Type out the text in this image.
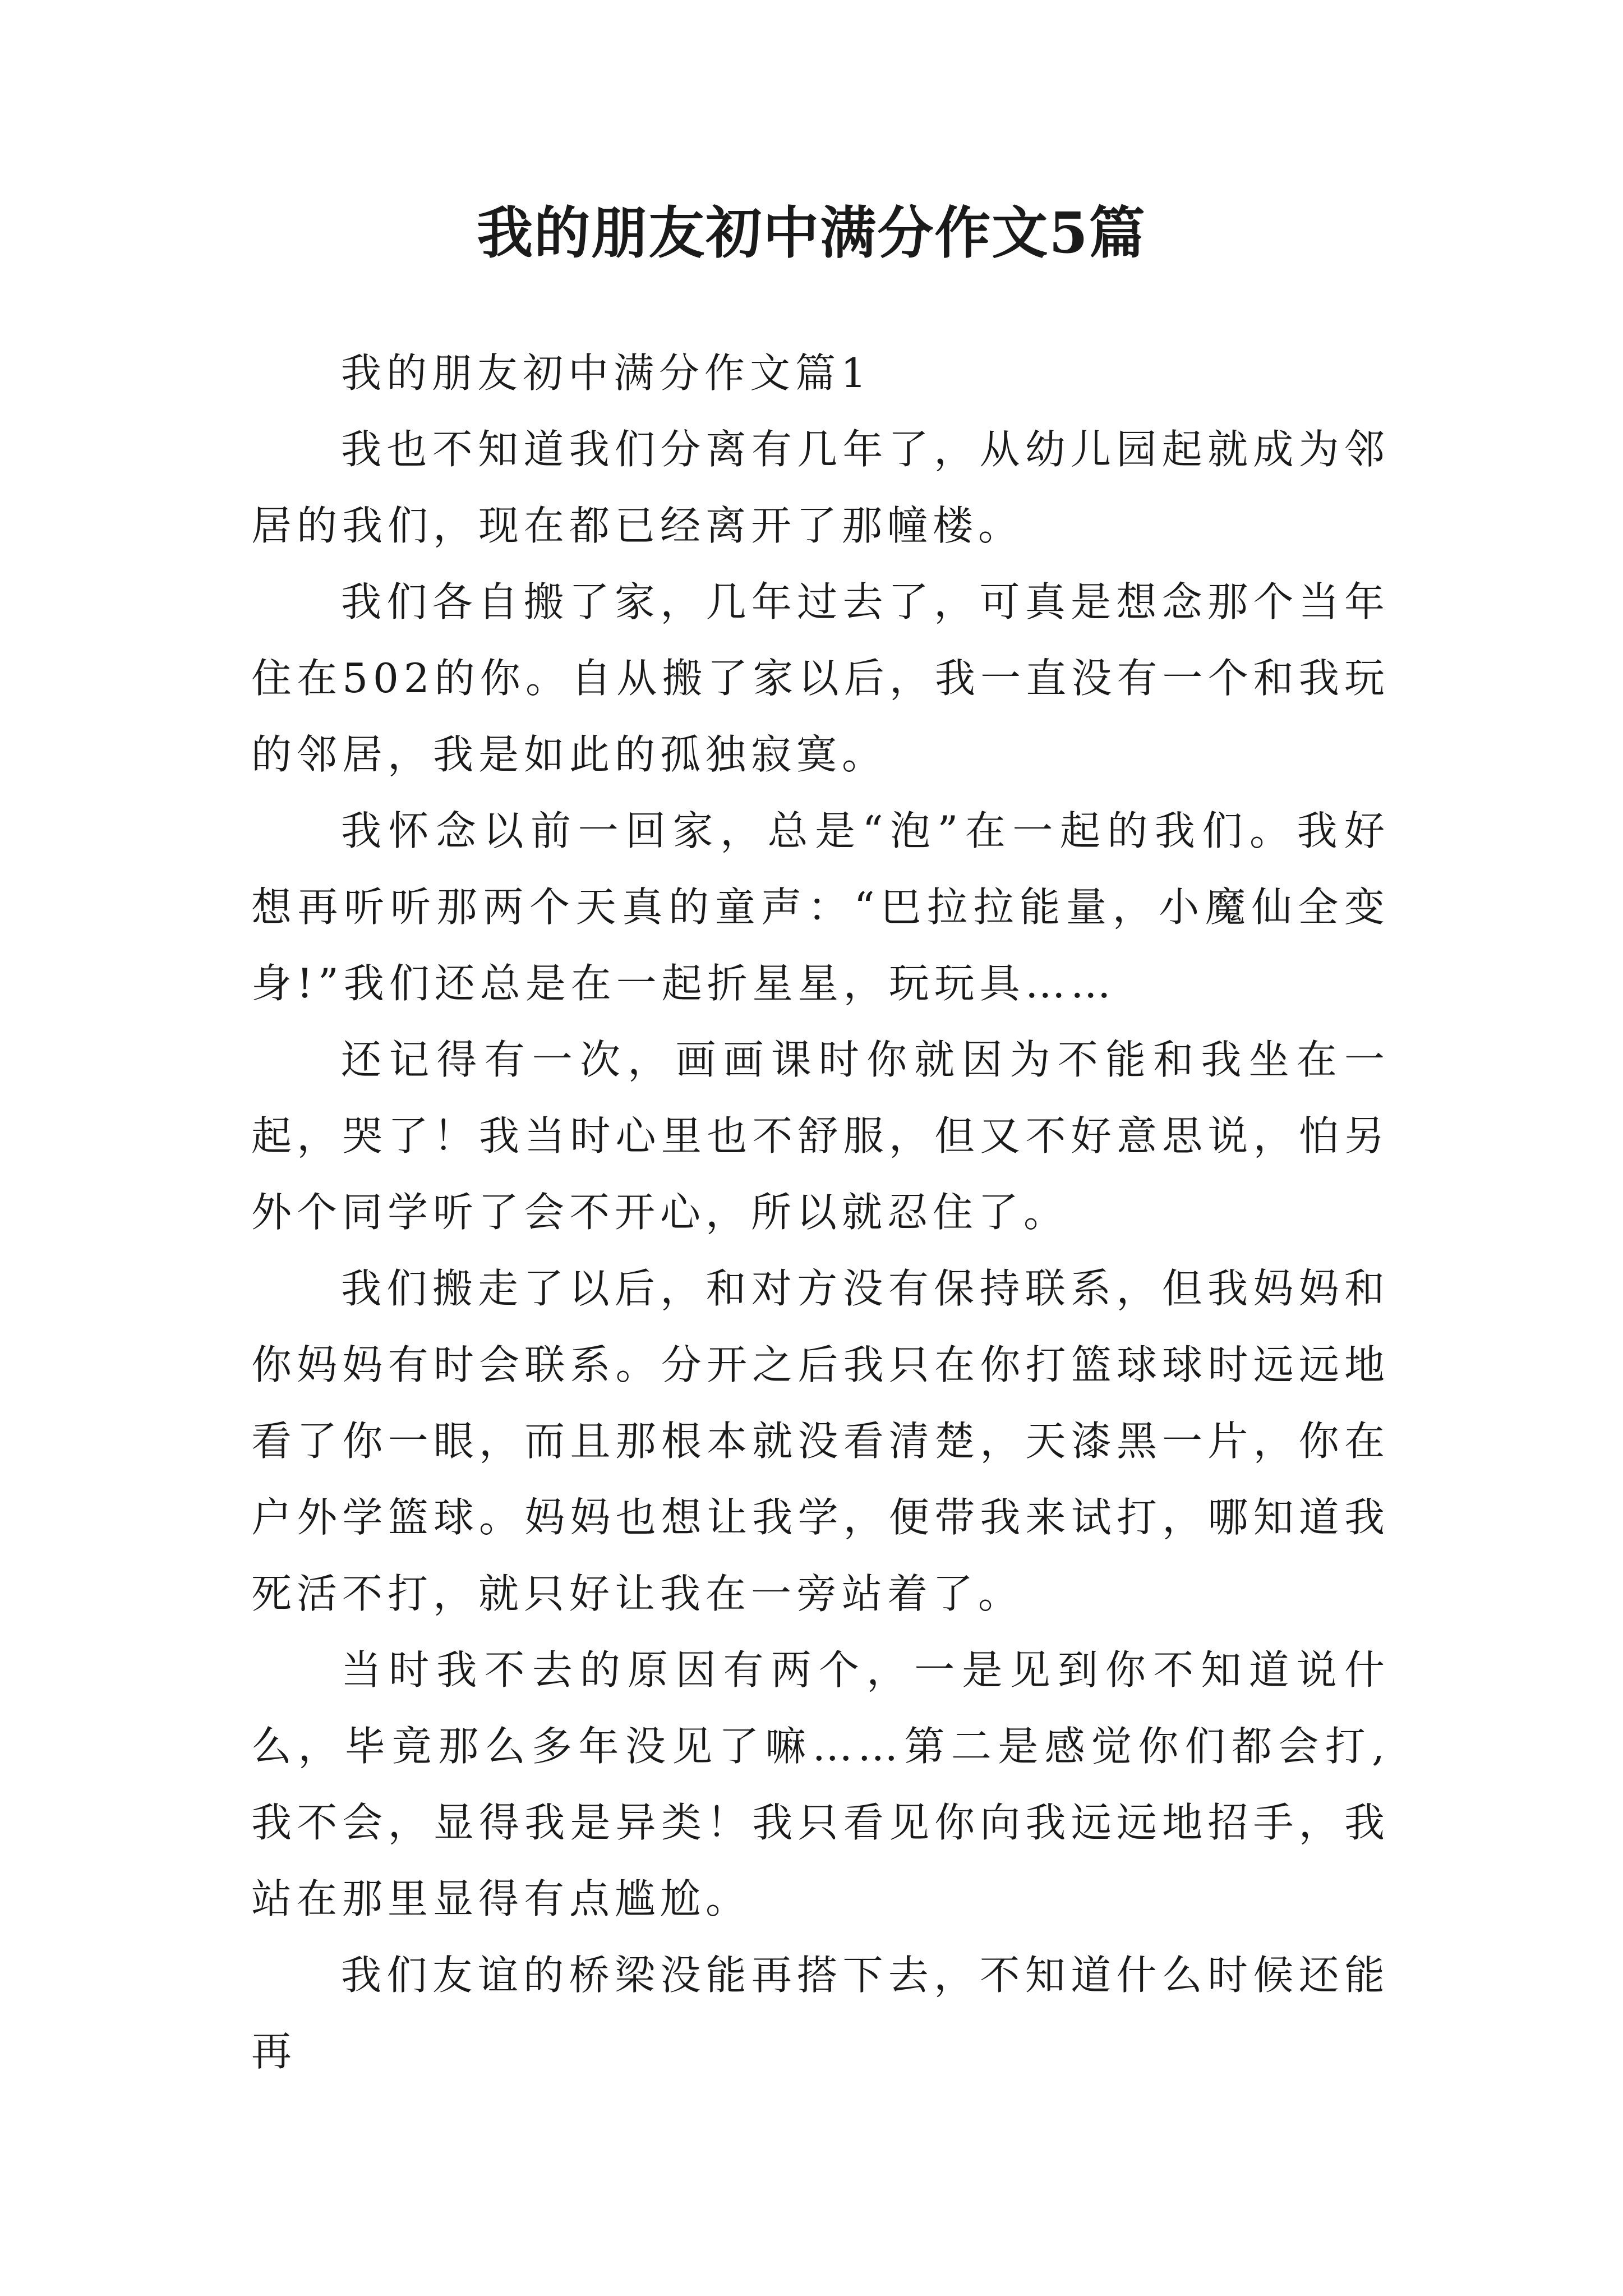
我的朋友初中满分作文5篇

我的朋友初中满分作文篇1

我也不知道我们分离有几年了，从幼儿园起就成为邻居的我们，现在都已经离开了那幢楼。

我们各自搬了家，几年过去了，可真是想念那个当年住在502的你。自从搬了家以后，我一直没有一个和我玩的邻居，我是如此的孤独寂寞。

我怀念以前一回家，总是“泡”在一起的我们。我好想再听听那两个天真的童声：“巴拉拉能量，小魔仙全变身!”我们还总是在一起折星星，玩玩具……

还记得有一次，画画课时你就因为不能和我坐在一起，哭了！我当时心里也不舒服，但又不好意思说，怕另外个同学听了会不开心，所以就忍住了。

我们搬走了以后，和对方没有保持联系，但我妈妈和你妈妈有时会联系。分开之后我只在你打篮球球时远远地看了你一眼，而且那根本就没看清楚，天漆黑一片，你在户外学篮球。妈妈也想让我学，便带我来试打，哪知道我死活不打，就只好让我在一旁站着了。

当时我不去的原因有两个，一是见到你不知道说什么，毕竟那么多年没见了嘛……第二是感觉你们都会打,我不会，显得我是异类！我只看见你向我远远地招手，我站在那里显得有点尴尬。

我们友谊的桥梁没能再搭下去，不知道什么时候还能再
